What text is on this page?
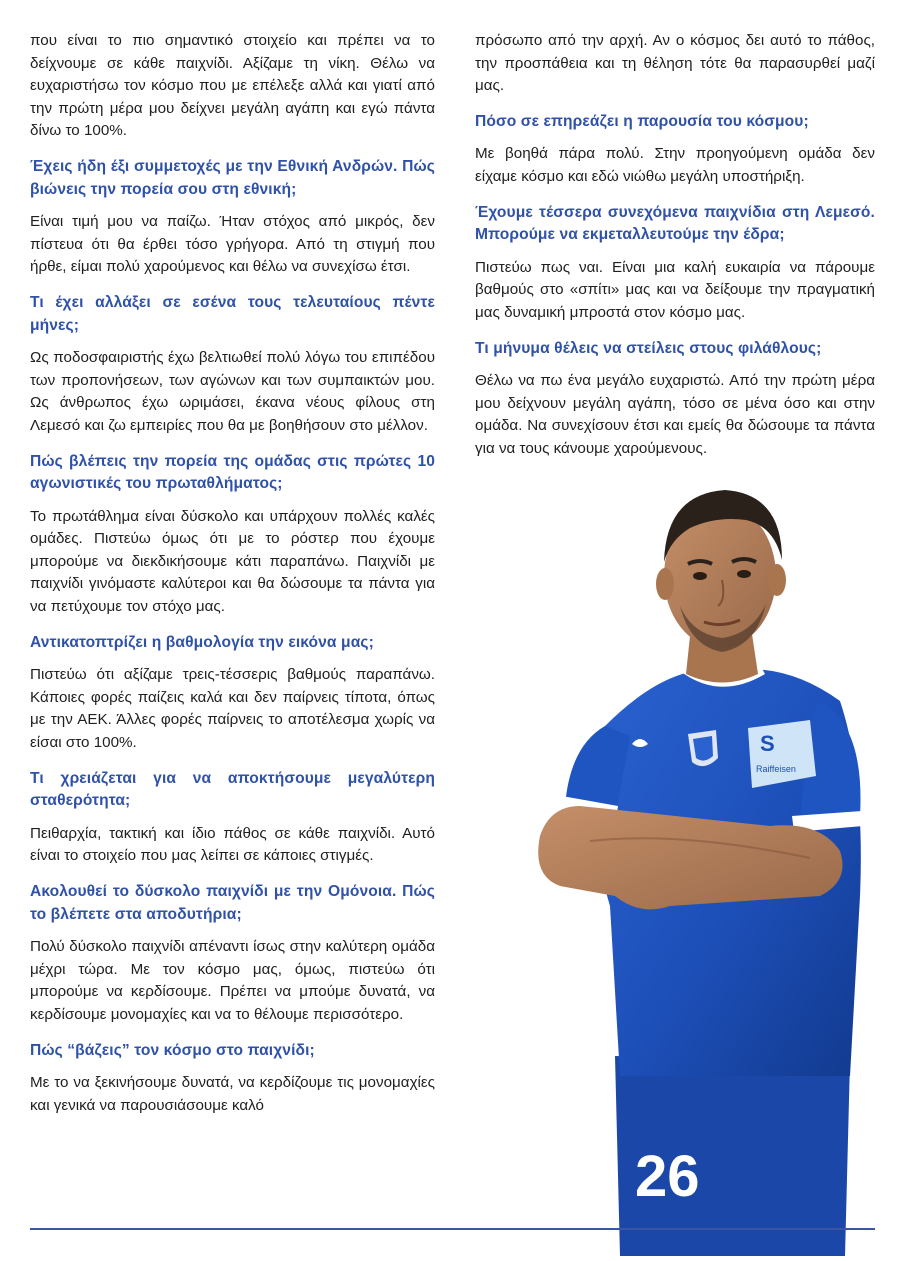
που είναι το πιο σημαντικό στοιχείο και πρέπει να το δείχνουμε σε κάθε παιχνίδι. Αξίζαμε τη νίκη. Θέλω να ευχαριστήσω τον κόσμο που με επέλεξε αλλά και γιατί από την πρώτη μέρα μου δείχνει μεγάλη αγάπη και εγώ πάντα δίνω το 100%.

Έχεις ήδη έξι συμμετοχές με την Εθνική Ανδρών. Πώς βιώνεις την πορεία σου στη εθνική;

Είναι τιμή μου να παίζω. Ήταν στόχος από μικρός, δεν πίστευα ότι θα έρθει τόσο γρήγορα. Από τη στιγμή που ήρθε, είμαι πολύ χαρούμενος και θέλω να συνεχίσω έτσι.

Τι έχει αλλάξει σε εσένα τους τελευταίους πέντε μήνες;

Ως ποδοσφαιριστής έχω βελτιωθεί πολύ λόγω του επιπέδου των προπονήσεων, των αγώνων και των συμπαικτών μου. Ως άνθρωπος έχω ωριμάσει, έκανα νέους φίλους στη Λεμεσό και ζω εμπειρίες που θα με βοηθήσουν στο μέλλον.

Πώς βλέπεις την πορεία της ομάδας στις πρώτες 10 αγωνιστικές του πρωταθλήματος;

Το πρωτάθλημα είναι δύσκολο και υπάρχουν πολλές καλές ομάδες. Πιστεύω όμως ότι με το ρόστερ που έχουμε μπορούμε να διεκδικήσουμε κάτι παραπάνω. Παιχνίδι με παιχνίδι γινόμαστε καλύτεροι και θα δώσουμε τα πάντα για να πετύχουμε τον στόχο μας.

Αντικατοπτρίζει η βαθμολογία την εικόνα μας;

Πιστεύω ότι αξίζαμε τρεις-τέσσερις βαθμούς παραπάνω. Κάποιες φορές παίζεις καλά και δεν παίρνεις τίποτα, όπως με την ΑΕΚ. Άλλες φορές παίρνεις το αποτέλεσμα χωρίς να είσαι στο 100%.

Τι χρειάζεται για να αποκτήσουμε μεγαλύτερη σταθερότητα;

Πειθαρχία, τακτική και ίδιο πάθος σε κάθε παιχνίδι. Αυτό είναι το στοιχείο που μας λείπει σε κάποιες στιγμές.

Ακολουθεί το δύσκολο παιχνίδι με την Ομόνοια. Πώς το βλέπετε στα αποδυτήρια;

Πολύ δύσκολο παιχνίδι απέναντι ίσως στην καλύτερη ομάδα μέχρι τώρα. Με τον κόσμο μας, όμως, πιστεύω ότι μπορούμε να κερδίσουμε. Πρέπει να μπούμε δυνατά, να κερδίσουμε μονομαχίες και να το θέλουμε περισσότερο.

Πώς “βάζεις” τον κόσμο στο παιχνίδι;

Με το να ξεκινήσουμε δυνατά, να κερδίζουμε τις μονομαχίες και γενικά να παρουσιάσουμε καλό

πρόσωπο από την αρχή. Αν ο κόσμος δει αυτό το πάθος, την προσπάθεια και τη θέληση τότε θα παρασυρθεί μαζί μας.

Πόσο σε επηρεάζει η παρουσία του κόσμου;

Με βοηθά πάρα πολύ. Στην προηγούμενη ομάδα δεν είχαμε κόσμο και εδώ νιώθω μεγάλη υποστήριξη.

Έχουμε τέσσερα συνεχόμενα παιχνίδια στη Λεμεσό. Μπορούμε να εκμεταλλευτούμε την έδρα;

Πιστεύω πως ναι. Είναι μια καλή ευκαιρία να πάρουμε βαθμούς στο «σπίτι» μας και να δείξουμε την πραγματική μας δυναμική μπροστά στον κόσμο μας.

Τι μήνυμα θέλεις να στείλεις στους φιλάθλους;

Θέλω να πω ένα μεγάλο ευχαριστώ. Από την πρώτη μέρα μου δείχνουν μεγάλη αγάπη, τόσο σε μένα όσο και στην ομάδα. Να συνεχίσουν έτσι και εμείς θα δώσουμε τα πάντα για να τους κάνουμε χαρούμενους.

S
Raiffeisen
26
